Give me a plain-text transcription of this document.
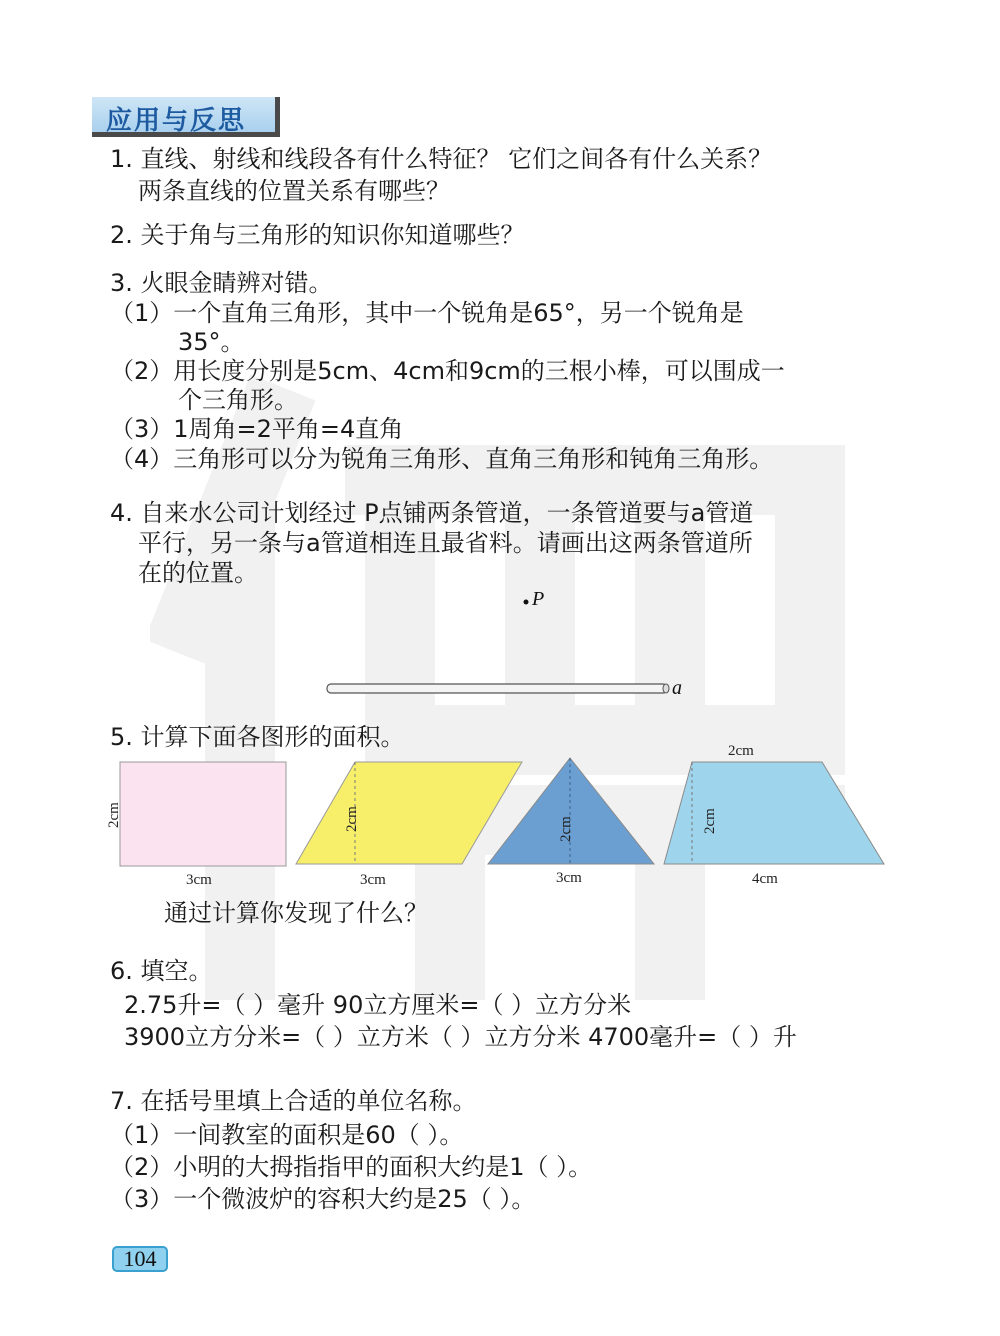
应用与反思
1. 直线、射线和线段各有什么特征？ 它们之间各有什么关系？
两条直线的位置关系有哪些？
2. 关于角与三角形的知识你知道哪些？
3. 火眼金睛辨对错。
（1）一个直角三角形，其中一个锐角是65°，另一个锐角是
35°。
（2）用长度分别是5cm、4cm和9cm的三根小棒，可以围成一
个三角形。
（3）1周角=2平角=4直角
（4）三角形可以分为锐角三角形、直角三角形和钝角三角形。
4. 自来水公司计划经过 P点铺两条管道，一条管道要与a管道
平行，另一条与a管道相连且最省料。请画出这两条管道所
在的位置。
P
a
5. 计算下面各图形的面积。
2cm
3cm
2cm
3cm
2cm
3cm
2cm
2cm
4cm
通过计算你发现了什么？
6. 填空。
2.75升=（ ）毫升 90立方厘米=（ ）立方分米
3900立方分米=（ ）立方米（ ）立方分米 4700毫升=（ ）升
7. 在括号里填上合适的单位名称。
（1）一间教室的面积是60（ ）。
（2）小明的大拇指指甲的面积大约是1（ ）。
（3）一个微波炉的容积大约是25（ ）。
104
